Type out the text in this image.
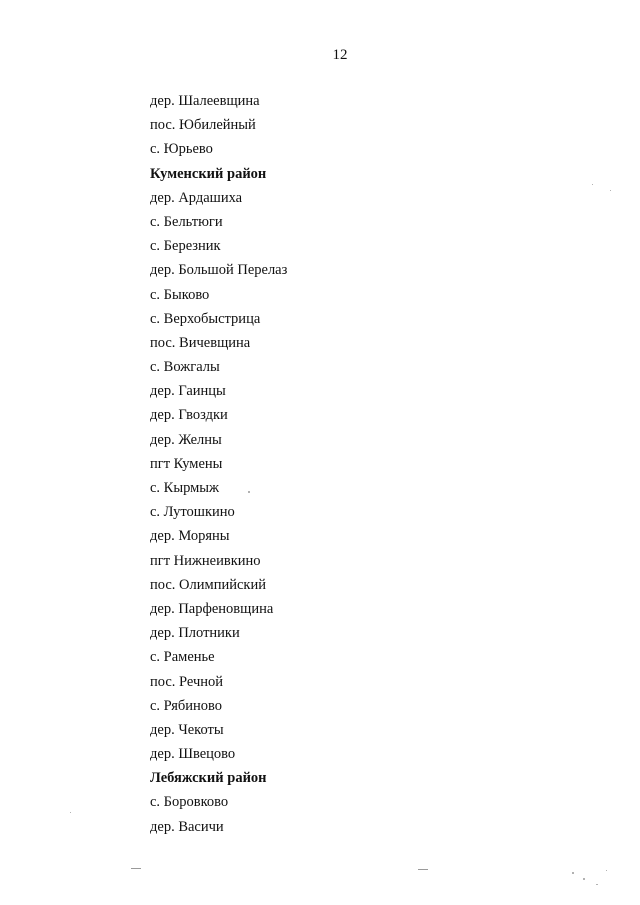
12
дер. Шалеевщина
пос. Юбилейный
с. Юрьево
Куменский район
дер. Ардашиха
с. Бельтюги
с. Березник
дер. Большой Перелаз
с. Быково
с. Верхобыстрица
пос. Вичевщина
с. Вожгалы
дер. Гаинцы
дер. Гвоздки
дер. Желны
пгт Кумены
с. Кырмыж
с. Лутошкино
дер. Моряны
пгт Нижнеивкино
пос. Олимпийский
дер. Парфеновщина
дер. Плотники
с. Раменье
пос. Речной
с. Рябиново
дер. Чекоты
дер. Швецово
Лебяжский район
с. Боровково
дер. Васичи
